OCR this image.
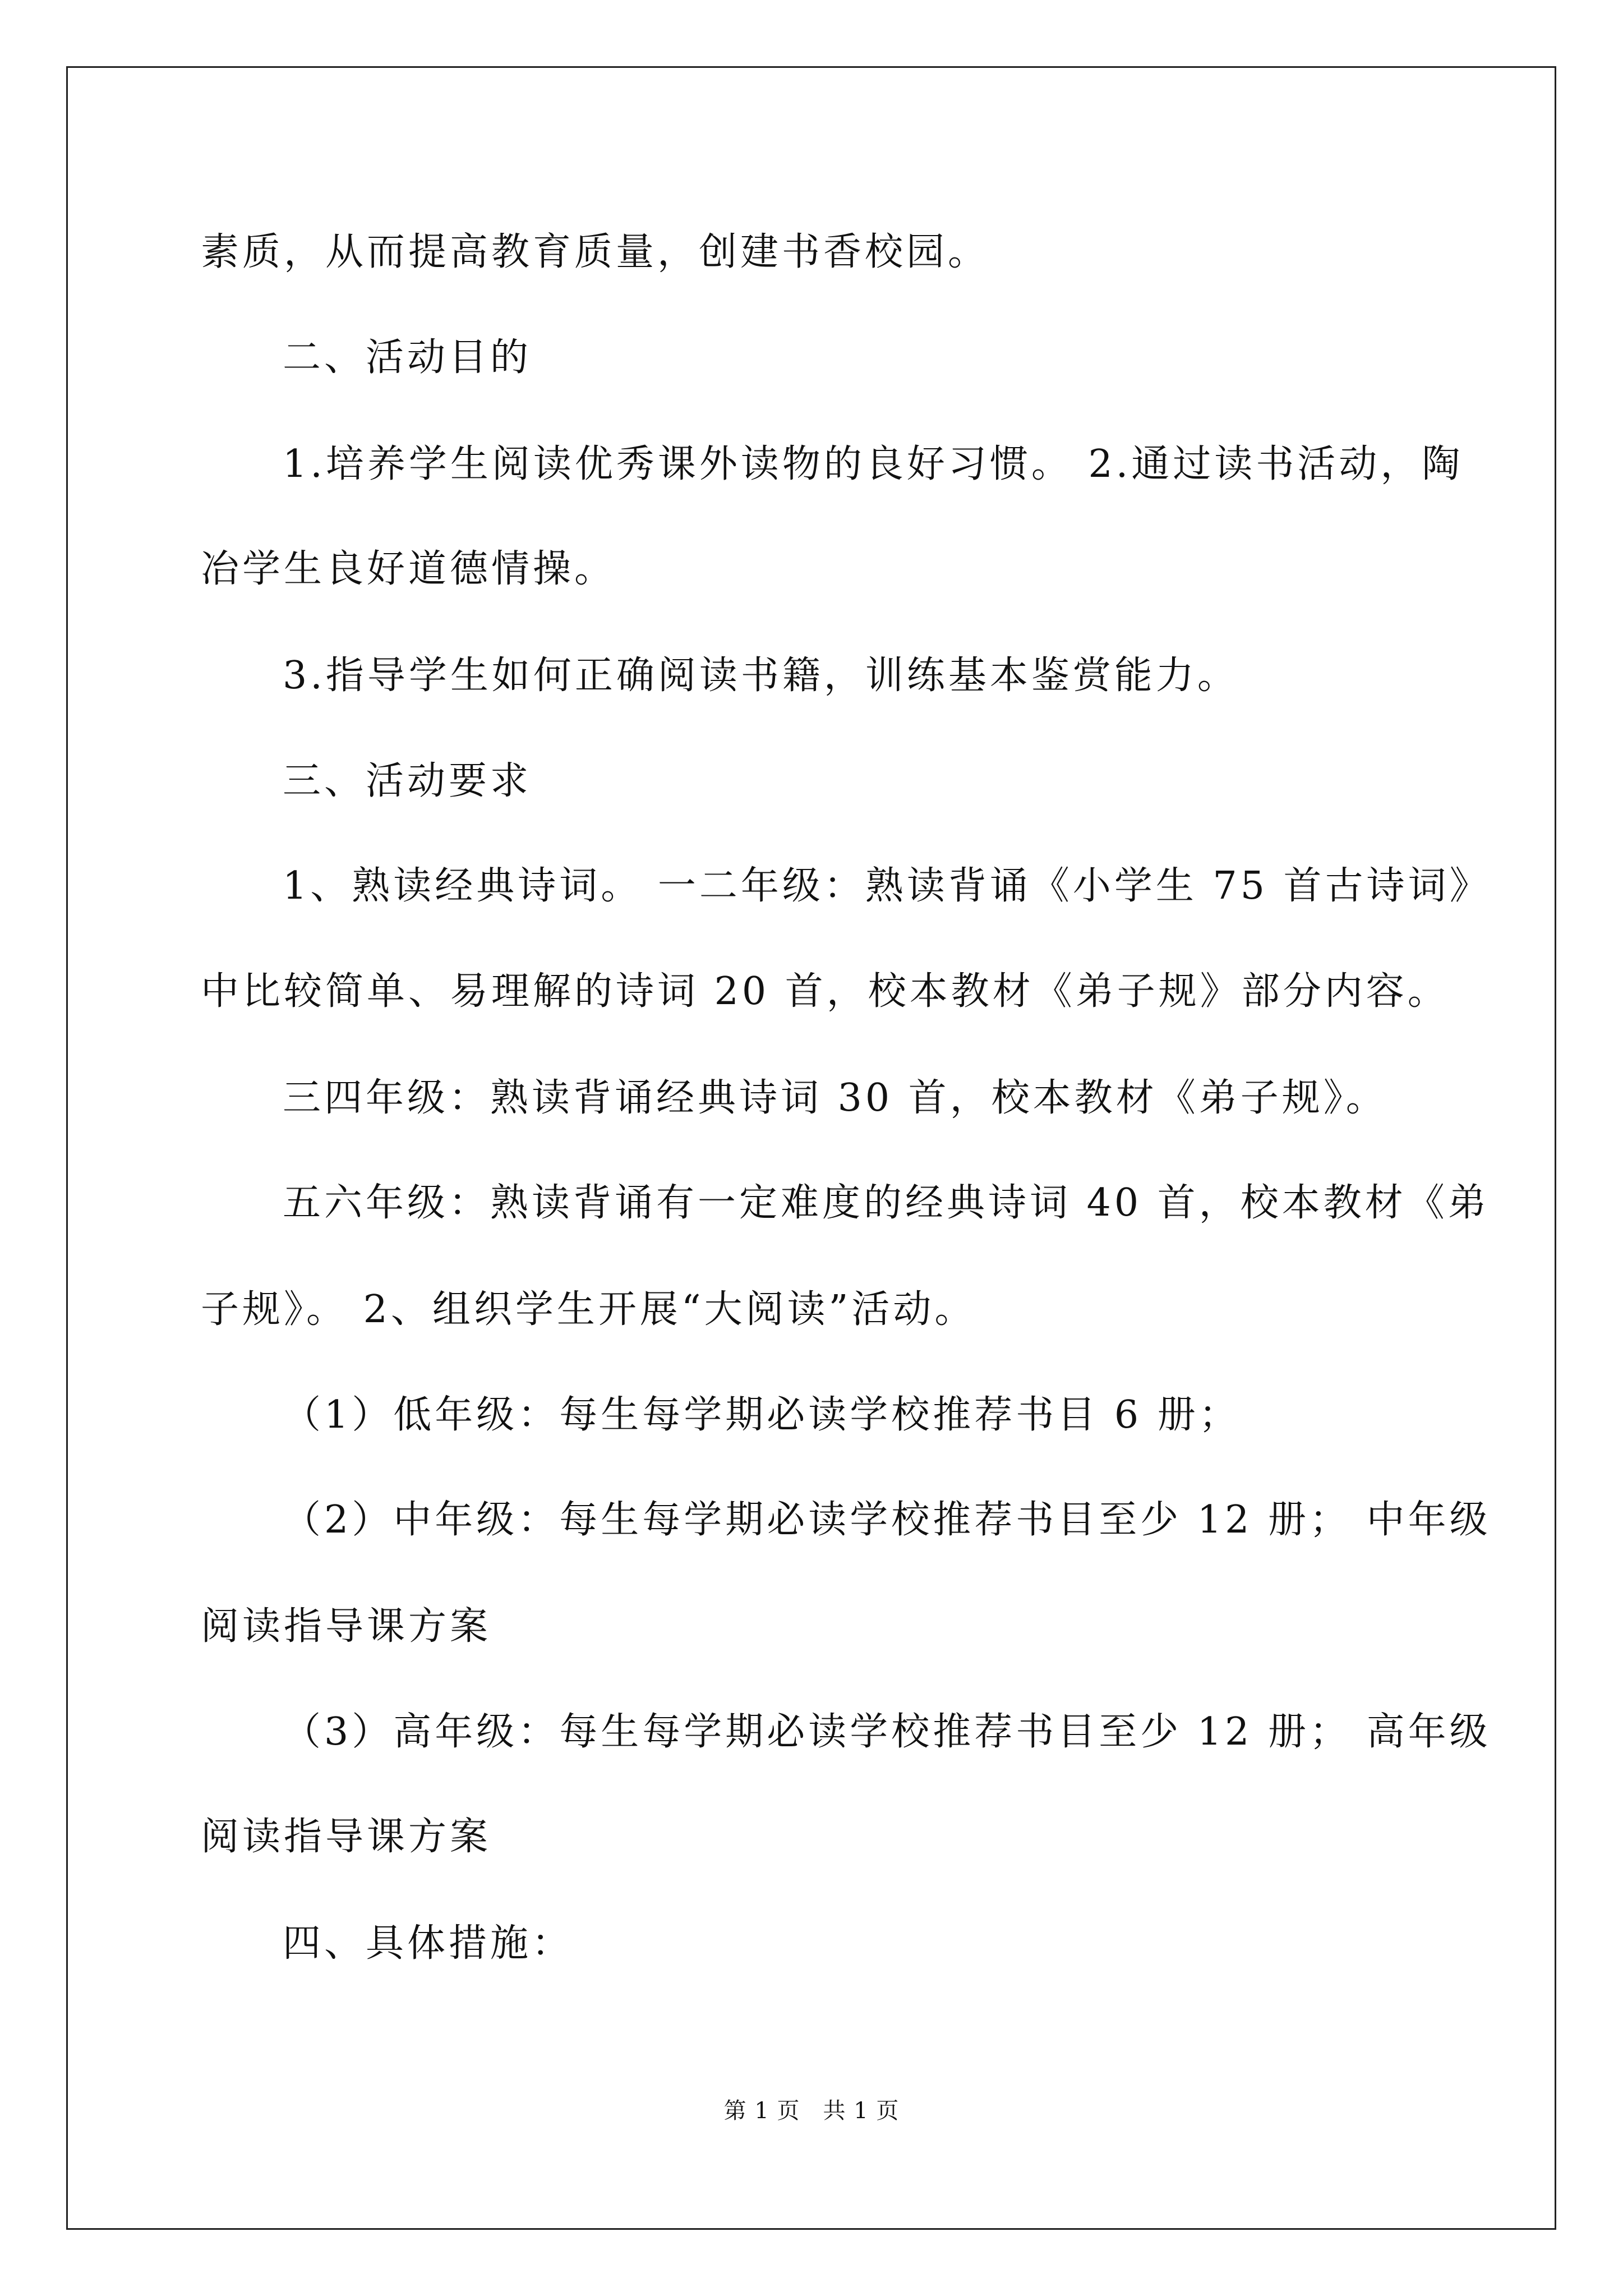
素质，从而提高教育质量，创建书香校园。
二、活动目的
1.培养学生阅读优秀课外读物的良好习惯。 2.通过读书活动，陶
冶学生良好道德情操。
3.指导学生如何正确阅读书籍，训练基本鉴赏能力。
三、活动要求
1、熟读经典诗词。 一二年级：熟读背诵《小学生 75 首古诗词》
中比较简单、易理解的诗词 20 首，校本教材《弟子规》部分内容。
三四年级：熟读背诵经典诗词 30 首，校本教材《弟子规》。
五六年级：熟读背诵有一定难度的经典诗词 40 首，校本教材《弟
子规》。 2、组织学生开展“大阅读”活动。
（1）低年级：每生每学期必读学校推荐书目 6 册；
（2）中年级：每生每学期必读学校推荐书目至少 12 册； 中年级
阅读指导课方案
（3）高年级：每生每学期必读学校推荐书目至少 12 册； 高年级
阅读指导课方案
四、具体措施：
第 1 页　共 1 页
